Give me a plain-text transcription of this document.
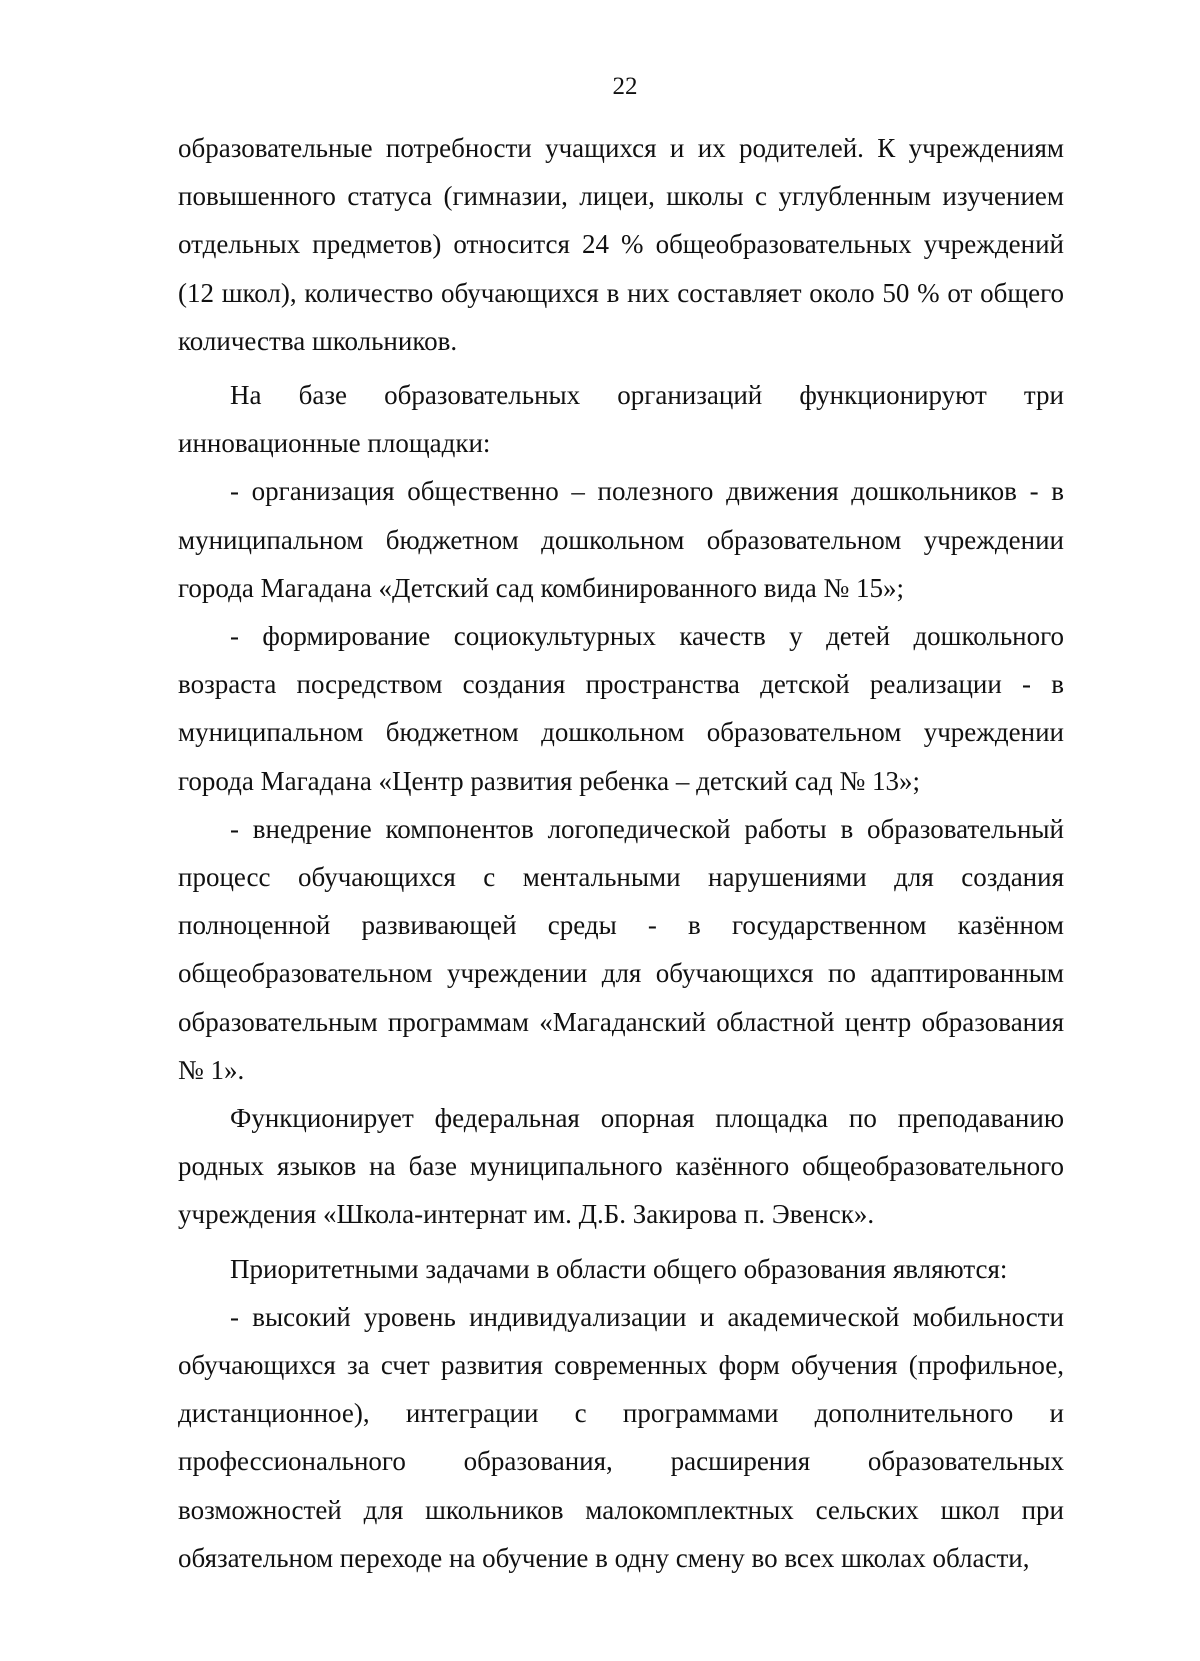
22

образовательные потребности учащихся и их родителей. К учреждениям повышенного статуса (гимназии, лицеи, школы с углубленным изучением отдельных предметов) относится 24 % общеобразовательных учреждений (12 школ), количество обучающихся в них составляет около 50 % от общего количества школьников.

На базе образовательных организаций функционируют три инновационные площадки:

- организация общественно – полезного движения дошкольников - в муниципальном бюджетном дошкольном образовательном учреждении города Магадана «Детский сад комбинированного вида № 15»;

- формирование социокультурных качеств у детей дошкольного возраста посредством создания пространства детской реализации - в муниципальном бюджетном дошкольном образовательном учреждении города Магадана «Центр развития ребенка – детский сад № 13»;

- внедрение компонентов логопедической работы в образовательный процесс обучающихся с ментальными нарушениями для создания полноценной развивающей среды - в государственном казённом общеобразовательном учреждении для обучающихся по адаптированным образовательным программам «Магаданский областной центр образования № 1».

Функционирует федеральная опорная площадка по преподаванию родных языков на базе муниципального казённого общеобразовательного учреждения «Школа-интернат им. Д.Б. Закирова п. Эвенск».

Приоритетными задачами в области общего образования являются:

- высокий уровень индивидуализации и академической мобильности обучающихся за счет развития современных форм обучения (профильное, дистанционное), интеграции с программами дополнительного и профессионального образования, расширения образовательных возможностей для школьников малокомплектных сельских школ при обязательном переходе на обучение в одну смену во всех школах области,
